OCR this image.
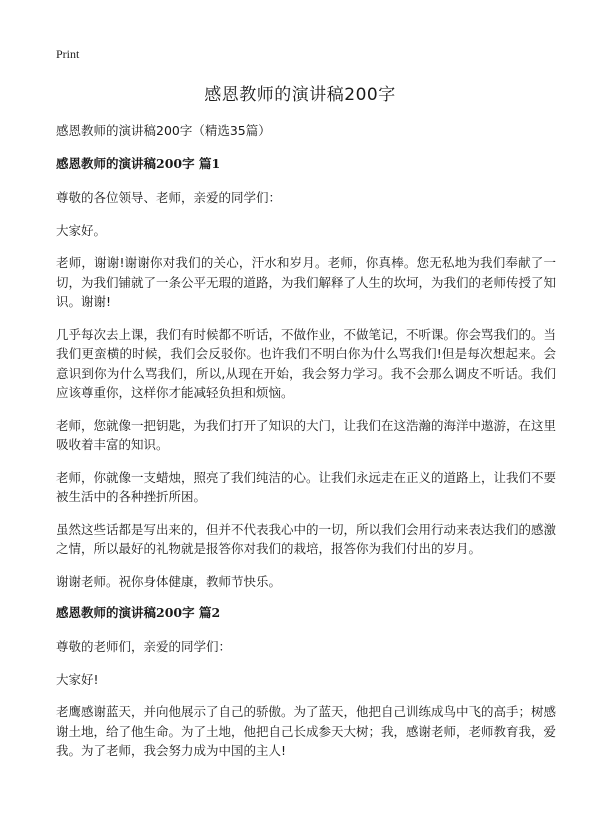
Print
感恩教师的演讲稿200字

感恩教师的演讲稿200字（精选35篇）

感恩教师的演讲稿200字 篇1

尊敬的各位领导、老师，亲爱的同学们：

大家好。

老师，谢谢!谢谢你对我们的关心，汗水和岁月。老师，你真棒。您无私地为我们奉献了一切，为我们铺就了一条公平无瑕的道路，为我们解释了人生的坎坷，为我们的老师传授了知识。谢谢!

几乎每次去上课，我们有时候都不听话，不做作业，不做笔记，不听课。你会骂我们的。当我们更蛮横的时候，我们会反驳你。也许我们不明白你为什么骂我们!但是每次想起来。会意识到你为什么骂我们，所以,从现在开始，我会努力学习。我不会那么调皮不听话。我们应该尊重你，这样你才能减轻负担和烦恼。

老师，您就像一把钥匙，为我们打开了知识的大门，让我们在这浩瀚的海洋中遨游，在这里吸收着丰富的知识。

老师，你就像一支蜡烛，照亮了我们纯洁的心。让我们永远走在正义的道路上，让我们不要被生活中的各种挫折所困。

虽然这些话都是写出来的，但并不代表我心中的一切，所以我们会用行动来表达我们的感激之情，所以最好的礼物就是报答你对我们的栽培，报答你为我们付出的岁月。

谢谢老师。祝你身体健康，教师节快乐。

感恩教师的演讲稿200字 篇2

尊敬的老师们，亲爱的同学们：

大家好!

老鹰感谢蓝天，并向他展示了自己的骄傲。为了蓝天，他把自己训练成鸟中飞的高手；树感谢土地，给了他生命。为了土地，他把自己长成参天大树；我，感谢老师，老师教育我，爱我。为了老师，我会努力成为中国的主人!
